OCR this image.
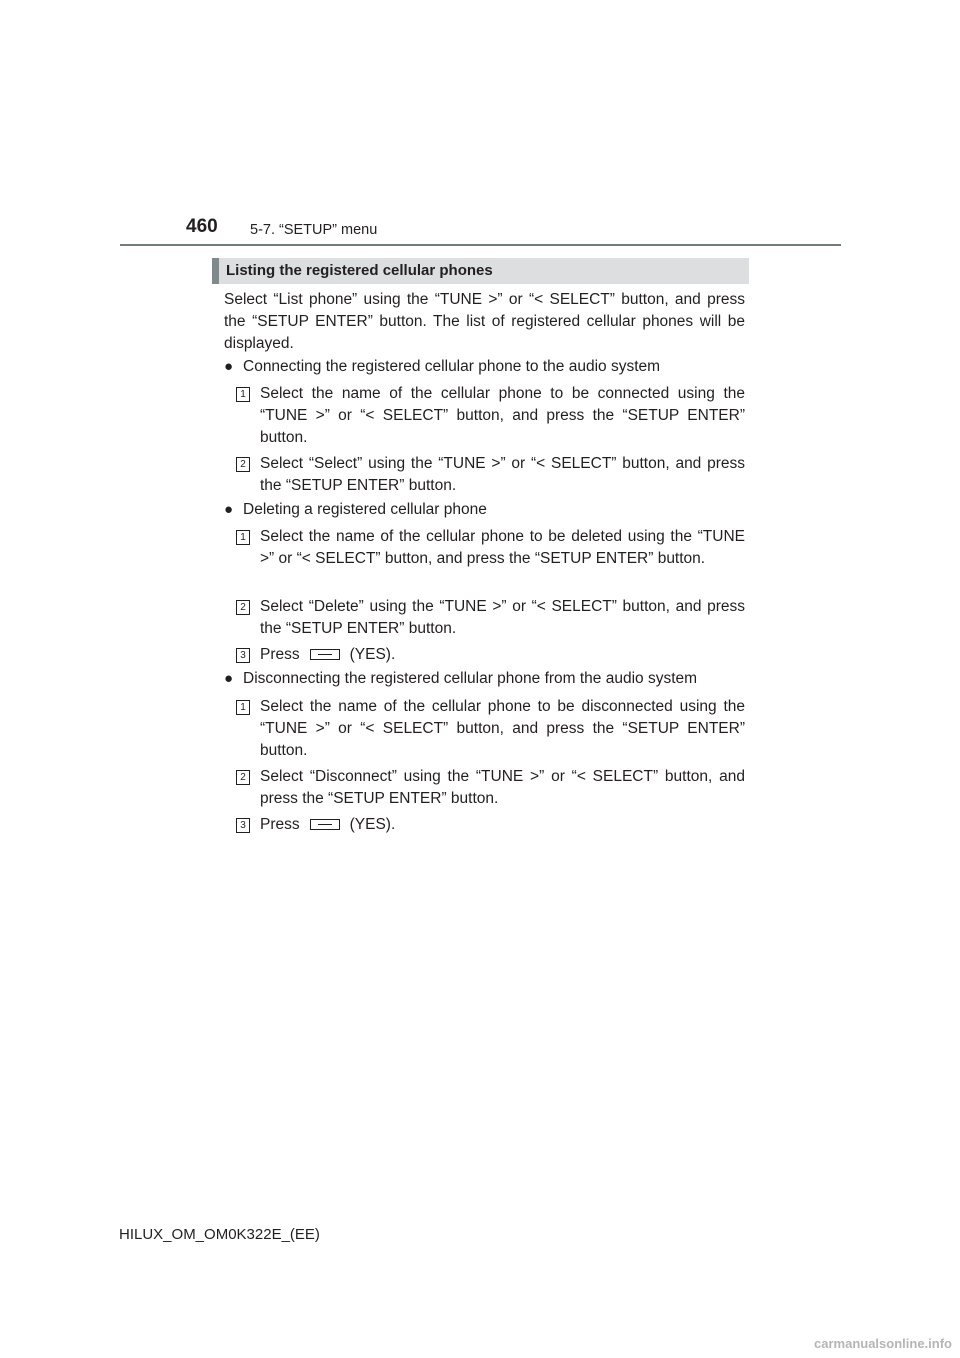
460 5-7. “SETUP” menu
Listing the registered cellular phones
Select “List phone” using the “TUNE >” or “< SELECT” button, and press the “SETUP ENTER” button. The list of registered cellular phones will be displayed.
● Connecting the registered cellular phone to the audio system
1 Select the name of the cellular phone to be connected using the “TUNE >” or “< SELECT” button, and press the “SETUP ENTER” button.
2 Select “Select” using the “TUNE >” or “< SELECT” button, and press the “SETUP ENTER” button.
● Deleting a registered cellular phone
1 Select the name of the cellular phone to be deleted using the “TUNE >” or “< SELECT” button, and press the “SETUP ENTER” button.
2 Select “Delete” using the “TUNE >” or “< SELECT” button, and press the “SETUP ENTER” button.
3 Press	(YES).
● Disconnecting the registered cellular phone from the audio system
1 Select the name of the cellular phone to be disconnected using the “TUNE >” or “< SELECT” button, and press the “SETUP ENTER” button.
2 Select “Disconnect” using the “TUNE >” or “< SELECT” button, and press the “SETUP ENTER” button.
3 Press	(YES).
HILUX_OM_OM0K322E_(EE)
carmanualsonline.info
